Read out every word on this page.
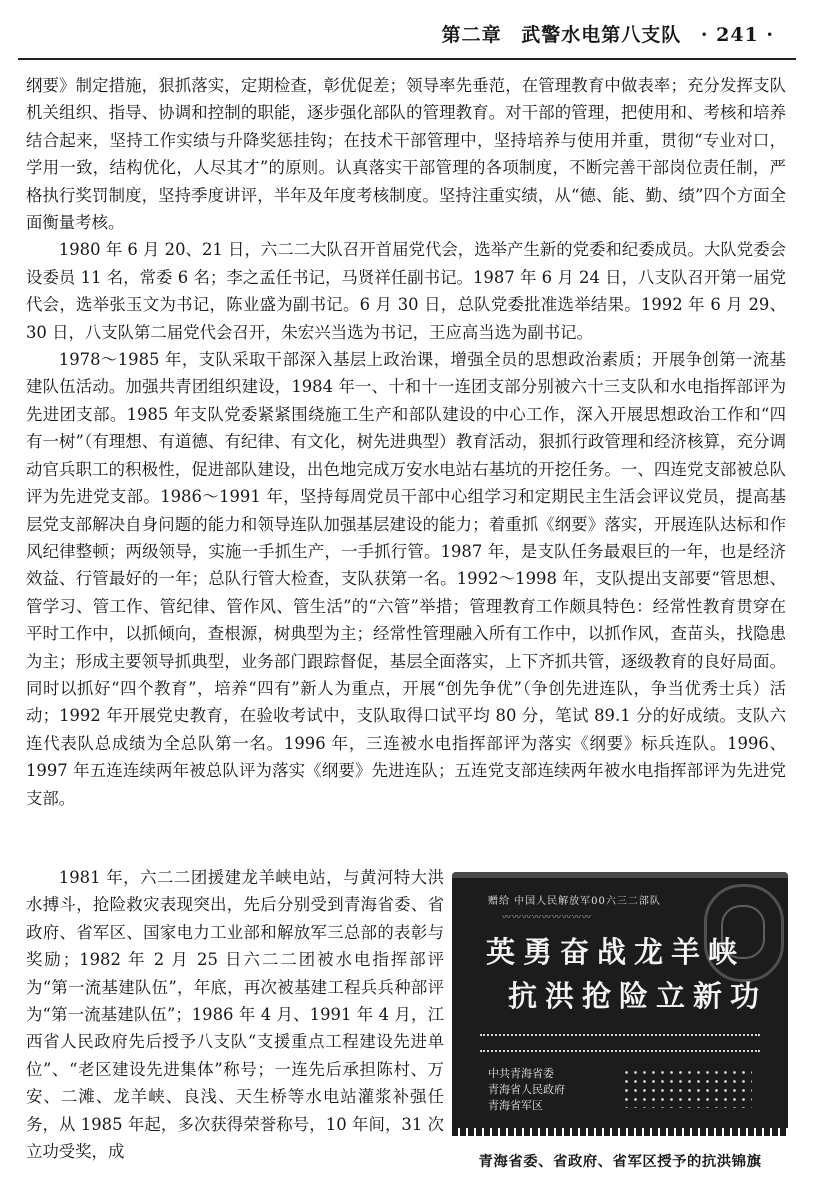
第二章 武警水电第八支队 · 241 ·

纲要》制定措施，狠抓落实，定期检查，彰优促差；领导率先垂范，在管理教育中做表率；充分发挥支队机关组织、指导、协调和控制的职能，逐步强化部队的管理教育。对干部的管理，把使用和、考核和培养结合起来，坚持工作实绩与升降奖惩挂钩；在技术干部管理中，坚持培养与使用并重，贯彻“专业对口，学用一致，结构优化，人尽其才”的原则。认真落实干部管理的各项制度，不断完善干部岗位责任制，严格执行奖罚制度，坚持季度讲评，半年及年度考核制度。坚持注重实绩，从“德、能、勤、绩”四个方面全面衡量考核。

1980 年 6 月 20、21 日，六二二大队召开首届党代会，选举产生新的党委和纪委成员。大队党委会设委员 11 名，常委 6 名；李之孟任书记，马贤祥任副书记。1987 年 6 月 24 日，八支队召开第一届党代会，选举张玉文为书记，陈业盛为副书记。6 月 30 日，总队党委批准选举结果。1992 年 6 月 29、30 日，八支队第二届党代会召开，朱宏兴当选为书记，王应高当选为副书记。

1978～1985 年，支队采取干部深入基层上政治课，增强全员的思想政治素质；开展争创第一流基建队伍活动。加强共青团组织建设，1984 年一、十和十一连团支部分别被六十三支队和水电指挥部评为先进团支部。1985 年支队党委紧紧围绕施工生产和部队建设的中心工作，深入开展思想政治工作和“四有一树”（有理想、有道德、有纪律、有文化，树先进典型）教育活动，狠抓行政管理和经济核算，充分调动官兵职工的积极性，促进部队建设，出色地完成万安水电站右基坑的开挖任务。一、四连党支部被总队评为先进党支部。1986～1991 年，坚持每周党员干部中心组学习和定期民主生活会评议党员，提高基层党支部解决自身问题的能力和领导连队加强基层建设的能力；着重抓《纲要》落实，开展连队达标和作风纪律整顿；两级领导，实施一手抓生产，一手抓行管。1987 年，是支队任务最艰巨的一年，也是经济效益、行管最好的一年；总队行管大检查，支队获第一名。1992～1998 年，支队提出支部要“管思想、管学习、管工作、管纪律、管作风、管生活”的“六管”举措；管理教育工作颇具特色：经常性教育贯穿在平时工作中，以抓倾向，查根源，树典型为主；经常性管理融入所有工作中，以抓作风，查苗头，找隐患为主；形成主要领导抓典型，业务部门跟踪督促，基层全面落实，上下齐抓共管，逐级教育的良好局面。同时以抓好“四个教育”，培养“四有”新人为重点，开展“创先争优”（争创先进连队，争当优秀士兵）活动；1992 年开展党史教育，在验收考试中，支队取得口试平均 80 分，笔试 89.1 分的好成绩。支队六连代表队总成绩为全总队第一名。1996 年，三连被水电指挥部评为落实《纲要》标兵连队。1996、1997 年五连连续两年被总队评为落实《纲要》先进连队；五连党支部连续两年被水电指挥部评为先进党支部。

1981 年，六二二团援建龙羊峡电站，与黄河特大洪水搏斗，抢险救灾表现突出，先后分别受到青海省委、省政府、省军区、国家电力工业部和解放军三总部的表彰与奖励；1982 年 2 月 25 日六二二团被水电指挥部评为“第一流基建队伍”，年底，再次被基建工程兵兵种部评为“第一流基建队伍”；1986 年 4 月、1991 年 4 月，江西省人民政府先后授予八支队“支援重点工程建设先进单位”、“老区建设先进集体”称号；一连先后承担陈村、万安、二滩、龙羊峡、良浅、天生桥等水电站灌浆补强任务，从 1985 年起，多次获得荣誉称号，10 年间，31 次立功受奖，成
赠给 中国人民解放军00六三二部队
〰〰〰〰〰〰〰〰〰
英勇奋战龙羊峡
抗洪抢险立新功
中共青海省委
青海省人民政府
青海省军区
青海省委、省政府、省军区授予的抗洪锦旗
